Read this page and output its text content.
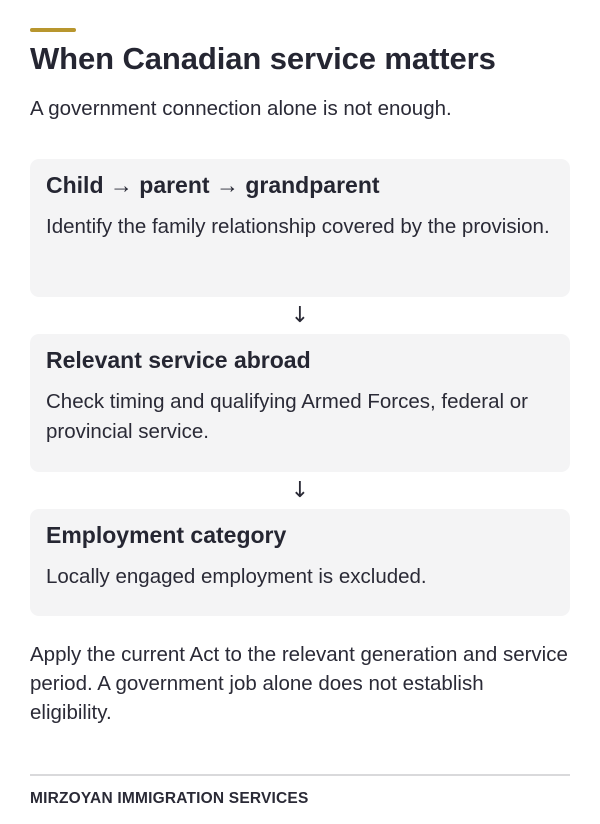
When Canadian service matters

A government connection alone is not enough.

Child → parent → grandparent

Identify the family relationship covered by the provision.

↓
Relevant service abroad

Check timing and qualifying Armed Forces, federal or provincial service.

↓
Employment category

Locally engaged employment is excluded.

Apply the current Act to the relevant generation and service period. A government job alone does not establish eligibility.

MIRZOYAN IMMIGRATION SERVICES
